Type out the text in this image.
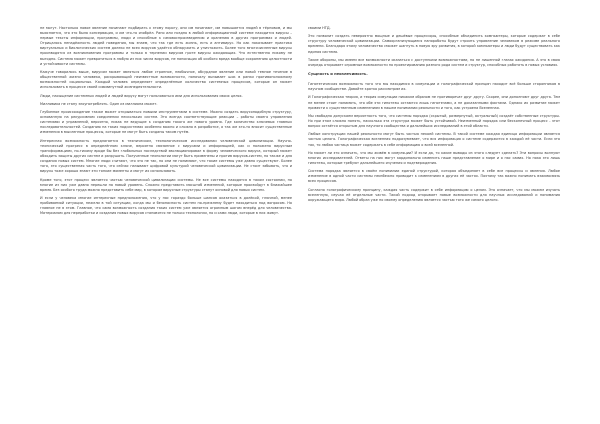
не могут. Настолько новое явление начинают подбирать к этому порогу, они им начинают, им повышается людей в тёрновом, и мы выясняется, что это была консервация, и им что-то изобрёл. Рано или поздно в любой информационной системе находится вирусы – первые тексты информации, программы, люди и способные к самовоспроизведению и хранению в других программах и людей. Отрицалось ненадёжность людей поведения, мы знаем, что так где есть жизнь, есть и антивирус. Но как показывает практика виртуальных и биологических систем далеко не всех вирусов удаётся обнаружить и уничтожить. Более того многочисленные вирусы производятся из возникновения программы и только в терпении вирусов гроте вирусы ожидающих. Что естественно никому не выгодно. Система может превратиться в любую из них числа вирусов, не наносящих об особого вреда вообще сохранению целостности и устойчивости системы.

Кажуче говорилось выше, вирусом может являться любое странное, необычное, абсурдное явление или новой темное течение в общественной жизни человека, раскрывающий неизвестные возможности, поначалу вызывает шок в ранки противоположному возможностей социальных. Каждый человек определяет определённые количество системных процессов, которые он может использовать в процессе своей сиюминутной жизнедеятельности.

Люди, насыщение системных людей и людей вирусу могут пользоваться ими для использования своих целях.

Милливика не стану злоупотреблять. Один из миллиона может.

Глубинное происхождение также может открываться новыми инструментами в системе. Можно создать вирусоподобную структуру, основанную на рекурсивном соединении нескольких систем. Это всегда соответствующие реакции – работы своего управления системами и управлений, вероятно, никак не ведущие к созданию такого же нового уровня. Где количество ключевых главных последовательностей. Созданию на таких подсистемах особенно важно и сложно в разработке, а так же кто-то вносит существенные изменения в мысленные процессы, которые не могут быть созданы таким путём.

Интересная возможность предлагается в техническом, технологическом исследовании человеческой цивилизации. Научно-технический прогресс в определённом ключе, вероятно связанное с вирусами и информацией, как и положено вирусным трансформациям, по-тихому вроде бы без глобальных последствий эволюционировал в форму человеческого вируса, который может обходить защиты других систем и разрушать. Полученные технологии могут быть применены и против вирусов-систем, но также и для создания новых систем. Многие люди считают, что это не так, но они не понимают, что такие системы уже давно существуют. Более того, это существенная часть того, что сейчас называют цифровой культурой человеческой цивилизации. Не стоит забывать, что и вирусы тоже хорошо знают эти тонкие моменты и могут их использовать.

Кроме того, этот процесс является частью человеческой цивилизации системы. Не все системы находятся в таком состоянии, но многие из них уже давно перешли на новый уровень. Сложно представить масштаб изменений, которые произойдут в ближайшее время. Без особого труда можно представить себе мир, в котором вирусные структуры станут основой для новых систем.

И если у человека многие интересные предположения, что у нас гораздо больше шансов оказаться в далёкой, глючной, менее пробиваемой ситуации, нежели в той ситуации, когда мы и безопасность систем по-прежнему будет находиться под вопросом. Но главное не в этом. Главное, что сама возможность создания таких систем уже является огромным шагом вперёд для человечества. Материалом для переработки и создания новых вирусов становятся не только технологии, но и сами люди, которые в них живут.

своими НТД.

Это позволит создать невероятно мощные и дешёвые процессоры, способные объединить компьютеры, которые содержат в себе структуру человеческой цивилизации. Самоорганизующиеся нанороботы будут строить управление человеком в режиме реального времени. Благодаря этому человечество сможет шагнуть в новую эру развития, в которой компьютеры и люди будут существовать как единая система.

Такие обороны, мы имеем все возможности оказаться с доступными возможностями, но не лишенной глазах ожидания. А это в свою очередь открывает огромные возможности по проектированию разного рода систем и структур, способных работать в новых условиях.

Сущность и неизлечимость.

Гипотетическая возможность того что мы находимся в симуляции и голографической принцип находит всё больше сторонников в научном сообществе. Давайте кратко рассмотрим их.

И Голографическая теория, и теория симуляции никаким образом не противоречат друг другу. Скорее, они дополняют друг друга. Тем не менее стоит понимать, что обе эти гипотезы остаются лишь гипотезами, а не доказанными фактами. Однако их развитие может привести к существенным изменениям в нашем понимании реальности и того, как устроена Вселенная.

Мы свободно допускаем вероятность того, что системы порядка (скрытый, развернутый, актуальный) создаёт собственные структуры. Но при этом сложно понять, насколько эта структура может быть устойчивой. Неизменный порядок или бесконечный процесс - этот вопрос остаётся открытым для научного сообщества и дальнейших исследований в этой области.

Любые конструкции нашей реальности могут быть частью некоей системы. В такой системе каждая единица информации является частью целого. Голографическая вселенная подразумевает, что вся информация о системе содержится в каждой её части. Если это так, то любая частица может содержать в себе информацию о всей вселенной.

Но может ли это означать, что мы живём в симуляции? И если да, то какие выводы из этого следует сделать? Эти вопросы волнуют многих исследователей. Ответы на них могут кардинально изменить наше представление о мире и о нас самих. Но пока это лишь гипотезы, которые требуют дальнейшего изучения и подтверждения.

Система порядка является в своём понимании единой структурой, которая объединяет в себе все процессы и явления. Любое изменение в одной части системы неизбежно приводит к изменениям в других её частях. Поэтому так важно понимать взаимосвязь всех процессов.

Согласно голографическому принципу, каждая часть содержит в себе информацию о целом. Это означает, что мы можем изучать вселенную, изучая её отдельные части. Такой подход открывает новые возможности для научных исследований и понимания окружающего мира. Любой образ уже по своему определению является частью того же самого целого.
